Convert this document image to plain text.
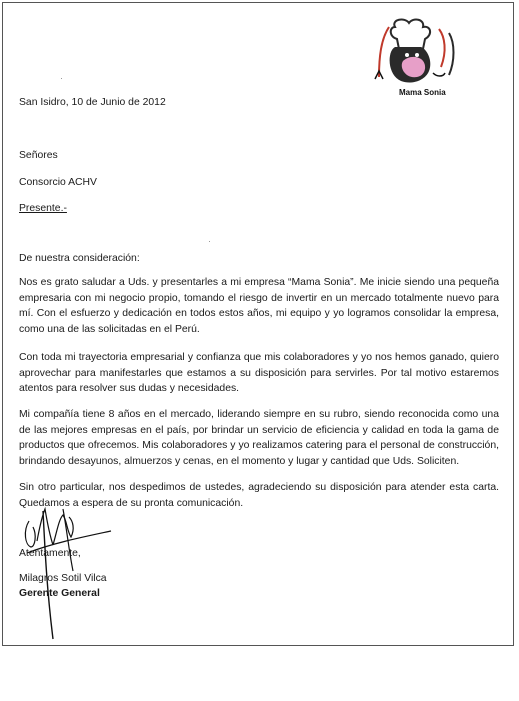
Mama Sonia
San Isidro, 10 de Junio de 2012
Señores
Consorcio ACHV
Presente.-
De nuestra consideración:
Nos es grato saludar a Uds. y presentarles a mi empresa “Mama Sonia”. Me inicie siendo una pequeña empresaria con mi negocio propio, tomando el riesgo de invertir en un mercado totalmente nuevo para mí. Con el esfuerzo y dedicación en todos estos años, mi equipo y yo logramos consolidar la empresa, como una de las solicitadas en el Perú.
Con toda mi trayectoria empresarial y confianza que mis colaboradores y yo nos hemos ganado, quiero aprovechar para manifestarles que estamos a su disposición para servirles. Por tal motivo estaremos atentos para resolver sus dudas y necesidades.
Mi compañía tiene 8 años en el mercado, liderando siempre en su rubro, siendo reconocida como una de las mejores empresas en el país, por brindar un servicio de eficiencia y calidad en toda la gama de productos que ofrecemos. Mis colaboradores y yo realizamos catering para el personal de construcción, brindando desayunos, almuerzos y cenas, en el momento y lugar y cantidad que Uds. Soliciten.
Sin otro particular, nos despedimos de ustedes, agradeciendo su disposición para atender esta carta. Quedamos a espera de su pronta comunicación.
Atentamente,
Milagros Sotil Vilca
Gerente General
